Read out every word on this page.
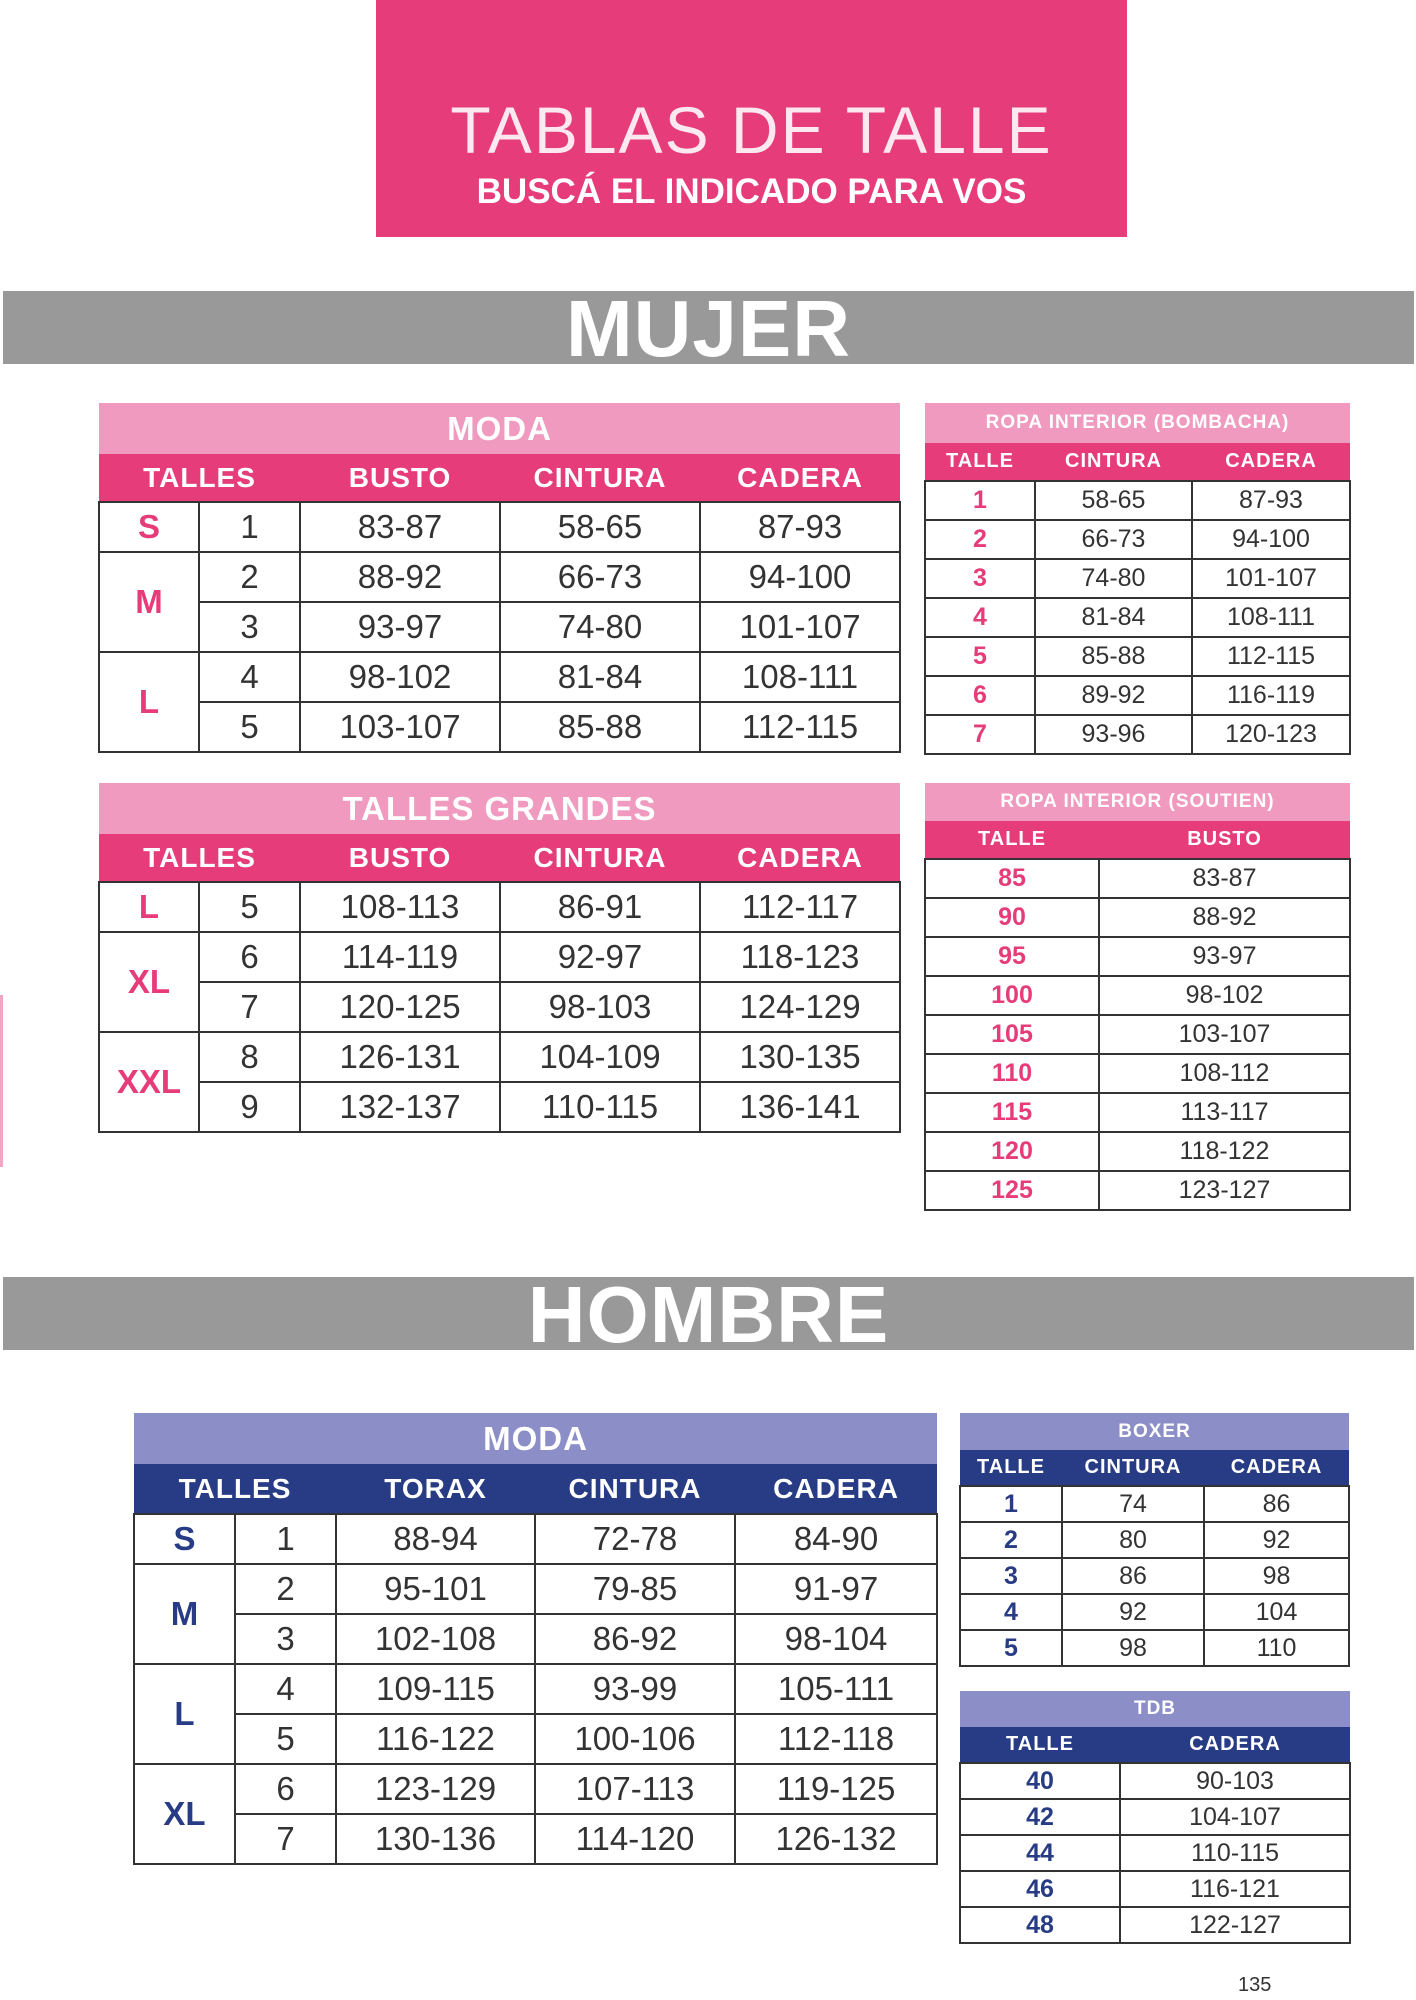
TABLAS DE TALLE
BUSCÁ EL INDICADO PARA VOS
MUJER
HOMBRE
MODA				
TALLES		BUSTO	CINTURA	CADERA
S	1	83-87	58-65	87-93
M	2	88-92	66-73	94-100
	3	93-97	74-80	101-107
L	4	98-102	81-84	108-111
	5	103-107	85-88	112-115
TALLES GRANDES				
TALLES		BUSTO	CINTURA	CADERA
L	5	108-113	86-91	112-117
XL	6	114-119	92-97	118-123
	7	120-125	98-103	124-129
XXL	8	126-131	104-109	130-135
	9	132-137	110-115	136-141
ROPA INTERIOR (BOMBACHA)		
TALLE	CINTURA	CADERA
1	58-65	87-93
2	66-73	94-100
3	74-80	101-107
4	81-84	108-111
5	85-88	112-115
6	89-92	116-119
7	93-96	120-123
ROPA INTERIOR (SOUTIEN)	
TALLE	BUSTO
85	83-87
90	88-92
95	93-97
100	98-102
105	103-107
110	108-112
115	113-117
120	118-122
125	123-127
MODA				
TALLES		TORAX	CINTURA	CADERA
S	1	88-94	72-78	84-90
M	2	95-101	79-85	91-97
	3	102-108	86-92	98-104
L	4	109-115	93-99	105-111
	5	116-122	100-106	112-118
XL	6	123-129	107-113	119-125
	7	130-136	114-120	126-132
BOXER		
TALLE	CINTURA	CADERA
1	74	86
2	80	92
3	86	98
4	92	104
5	98	110
TDB	
TALLE	CADERA
40	90-103
42	104-107
44	110-115
46	116-121
48	122-127
135
